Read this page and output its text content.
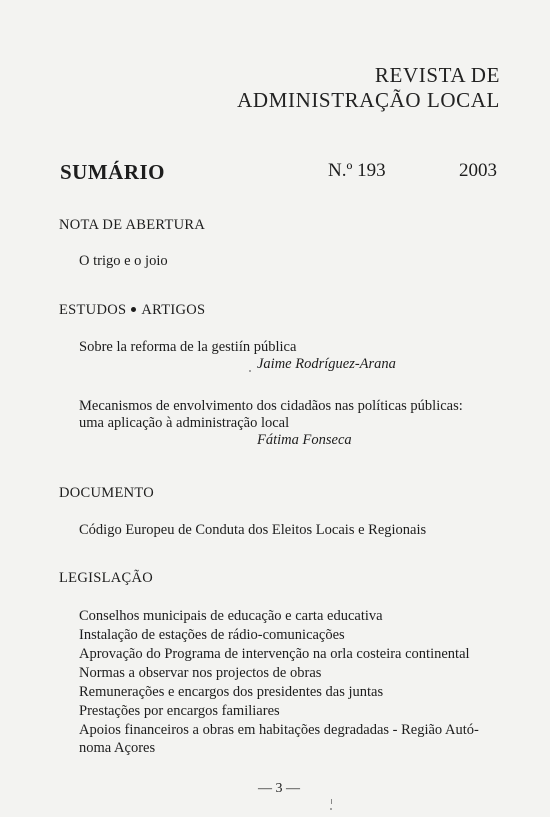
REVISTA DE
ADMINISTRAÇÃO LOCAL
SUMÁRIO	N.º 193	2003
NOTA DE ABERTURA
O trigo e o joio
ESTUDOS ARTIGOS
Sobre la reforma de la gestiín pública
Jaime Rodríguez-Arana
Mecanismos de envolvimento dos cidadãos nas políticas públicas:
uma aplicação à administração local
Fátima Fonseca
DOCUMENTO
Código Europeu de Conduta dos Eleitos Locais e Regionais
LEGISLAÇÃO
Conselhos municipais de educação e carta educativa
Instalação de estações de rádio-comunicações
Aprovação do Programa de intervenção na orla costeira continental
Normas a observar nos projectos de obras
Remunerações e encargos dos presidentes das juntas
Prestações por encargos familiares
Apoios financeiros a obras em habitações degradadas - Região Autó-
noma Açores
— 3 —
